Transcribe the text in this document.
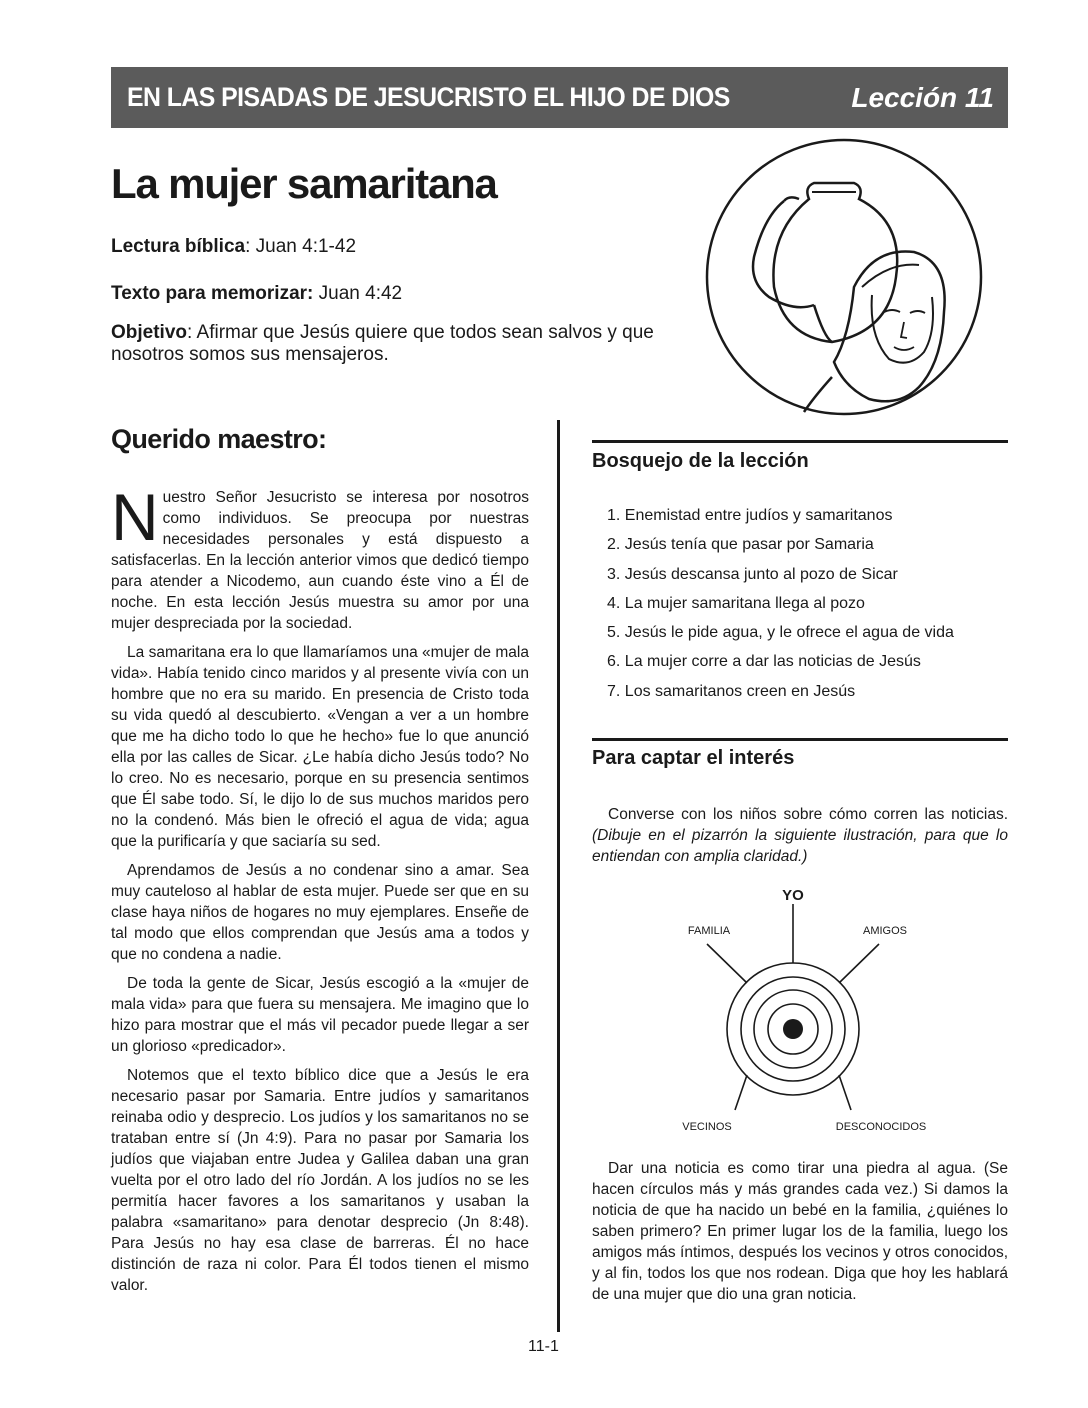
EN LAS PISADAS DE JESUCRISTO EL HIJO DE DIOS	Lección 11
La mujer samaritana

Lectura bíblica: Juan 4:1-42

Texto para memorizar: Juan 4:42

Objetivo: Afirmar que Jesús quiere que todos sean salvos y que nosotros somos sus mensajeros.

Querido maestro:

Nuestro Señor Jesucristo se interesa por nosotros como individuos. Se preocupa por nuestras necesidades personales y está dispuesto a satisfacerlas. En la lección anterior vimos que dedicó tiempo para atender a Nicodemo, aun cuando éste vino a Él de noche. En esta lección Jesús muestra su amor por una mujer despreciada por la sociedad.

La samaritana era lo que llamaríamos una «mujer de mala vida». Había tenido cinco maridos y al presente vivía con un hombre que no era su marido. En presencia de Cristo toda su vida quedó al descubierto. «Vengan a ver a un hombre que me ha dicho todo lo que he hecho» fue lo que anunció ella por las calles de Sicar. ¿Le había dicho Jesús todo? No lo creo. No es necesario, porque en su presencia sentimos que Él sabe todo. Sí, le dijo lo de sus muchos maridos pero no la condenó. Más bien le ofreció el agua de vida; agua que la purificaría y que saciaría su sed.

Aprendamos de Jesús a no condenar sino a amar. Sea muy cauteloso al hablar de esta mujer. Puede ser que en su clase haya niños de hogares no muy ejemplares. Enseñe de tal modo que ellos comprendan que Jesús ama a todos y que no condena a nadie.

De toda la gente de Sicar, Jesús escogió a la «mujer de mala vida» para que fuera su mensajera. Me imagino que lo hizo para mostrar que el más vil pecador puede llegar a ser un glorioso «predicador».

Notemos que el texto bíblico dice que a Jesús le era necesario pasar por Samaria. Entre judíos y samaritanos reinaba odio y desprecio. Los judíos y los samaritanos no se trataban entre sí (Jn 4:9). Para no pasar por Samaria los judíos que viajaban entre Judea y Galilea daban una gran vuelta por el otro lado del río Jordán. A los judíos no se les permitía hacer favores a los samaritanos y usaban la palabra «samaritano» para denotar desprecio (Jn 8:48). Para Jesús no hay esa clase de barreras. Él no hace distinción de raza ni color. Para Él todos tienen el mismo valor.

Bosquejo de la lección
1. Enemistad entre judíos y samaritanos
2. Jesús tenía que pasar por Samaria
3. Jesús descansa junto al pozo de Sicar
4. La mujer samaritana llega al pozo
5. Jesús le pide agua, y le ofrece el agua de vida
6. La mujer corre a dar las noticias de Jesús
7. Los samaritanos creen en Jesús
Para captar el interés

Converse con los niños sobre cómo corren las noticias. (Dibuje en el pizarrón la siguiente ilustración, para que lo entiendan con amplia claridad.)

YO
FAMILIA	AMIGOS
VECINOS	DESCONOCIDOS

Dar una noticia es como tirar una piedra al agua. (Se hacen círculos más y más grandes cada vez.) Si damos la noticia de que ha nacido un bebé en la familia, ¿quiénes lo saben primero? En primer lugar los de la familia, luego los amigos más íntimos, después los vecinos y otros conocidos, y al fin, todos los que nos rodean. Diga que hoy les hablará de una mujer que dio una gran noticia.

11-1
